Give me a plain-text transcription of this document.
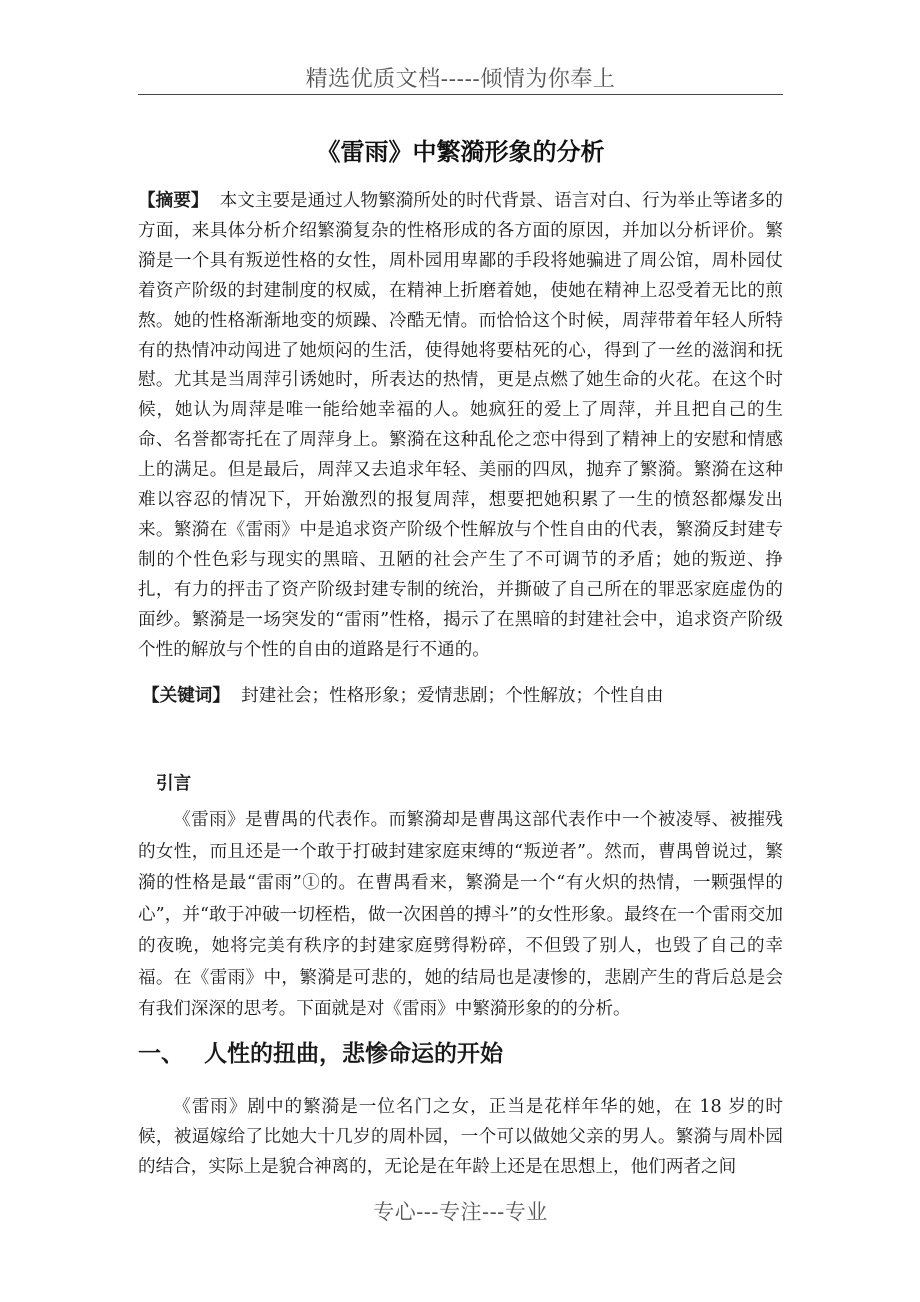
精选优质文档-----倾情为你奉上
《雷雨》中繁漪形象的分析

【摘要】 本文主要是通过人物繁漪所处的时代背景、语言对白、行为举止等诸多的方面，来具体分析介绍繁漪复杂的性格形成的各方面的原因，并加以分析评价。繁漪是一个具有叛逆性格的女性，周朴园用卑鄙的手段将她骗进了周公馆，周朴园仗着资产阶级的封建制度的权威，在精神上折磨着她，使她在精神上忍受着无比的煎熬。她的性格渐渐地变的烦躁、冷酷无情。而恰恰这个时候，周萍带着年轻人所特有的热情冲动闯进了她烦闷的生活，使得她将要枯死的心，得到了一丝的滋润和抚慰。尤其是当周萍引诱她时，所表达的热情，更是点燃了她生命的火花。在这个时候，她认为周萍是唯一能给她幸福的人。她疯狂的爱上了周萍，并且把自己的生命、名誉都寄托在了周萍身上。繁漪在这种乱伦之恋中得到了精神上的安慰和情感上的满足。但是最后，周萍又去追求年轻、美丽的四凤，抛弃了繁漪。繁漪在这种难以容忍的情况下，开始激烈的报复周萍，想要把她积累了一生的愤怒都爆发出来。繁漪在《雷雨》中是追求资产阶级个性解放与个性自由的代表，繁漪反封建专制的个性色彩与现实的黑暗、丑陋的社会产生了不可调节的矛盾；她的叛逆、挣扎，有力的抨击了资产阶级封建专制的统治，并撕破了自己所在的罪恶家庭虚伪的面纱。繁漪是一场突发的“雷雨”性格，揭示了在黑暗的封建社会中，追求资产阶级个性的解放与个性的自由的道路是行不通的。

【关键词】 封建社会；性格形象；爱情悲剧；个性解放；个性自由

引言

《雷雨》是曹禺的代表作。而繁漪却是曹禺这部代表作中一个被凌辱、被摧残的女性，而且还是一个敢于打破封建家庭束缚的“叛逆者”。然而，曹禺曾说过，繁漪的性格是最“雷雨”①的。在曹禺看来，繁漪是一个“有火炽的热情，一颗强悍的心”，并“敢于冲破一切桎梏，做一次困兽的搏斗”的女性形象。最终在一个雷雨交加的夜晚，她将完美有秩序的封建家庭劈得粉碎，不但毁了别人，也毁了自己的幸福。在《雷雨》中，繁漪是可悲的，她的结局也是凄惨的，悲剧产生的背后总是会有我们深深的思考。下面就是对《雷雨》中繁漪形象的的分析。

一、 人性的扭曲，悲惨命运的开始

《雷雨》剧中的繁漪是一位名门之女，正当是花样年华的她，在 18 岁的时候，被逼嫁给了比她大十几岁的周朴园，一个可以做她父亲的男人。繁漪与周朴园的结合，实际上是貌合神离的，无论是在年龄上还是在思想上，他们两者之间

专心---专注---专业
